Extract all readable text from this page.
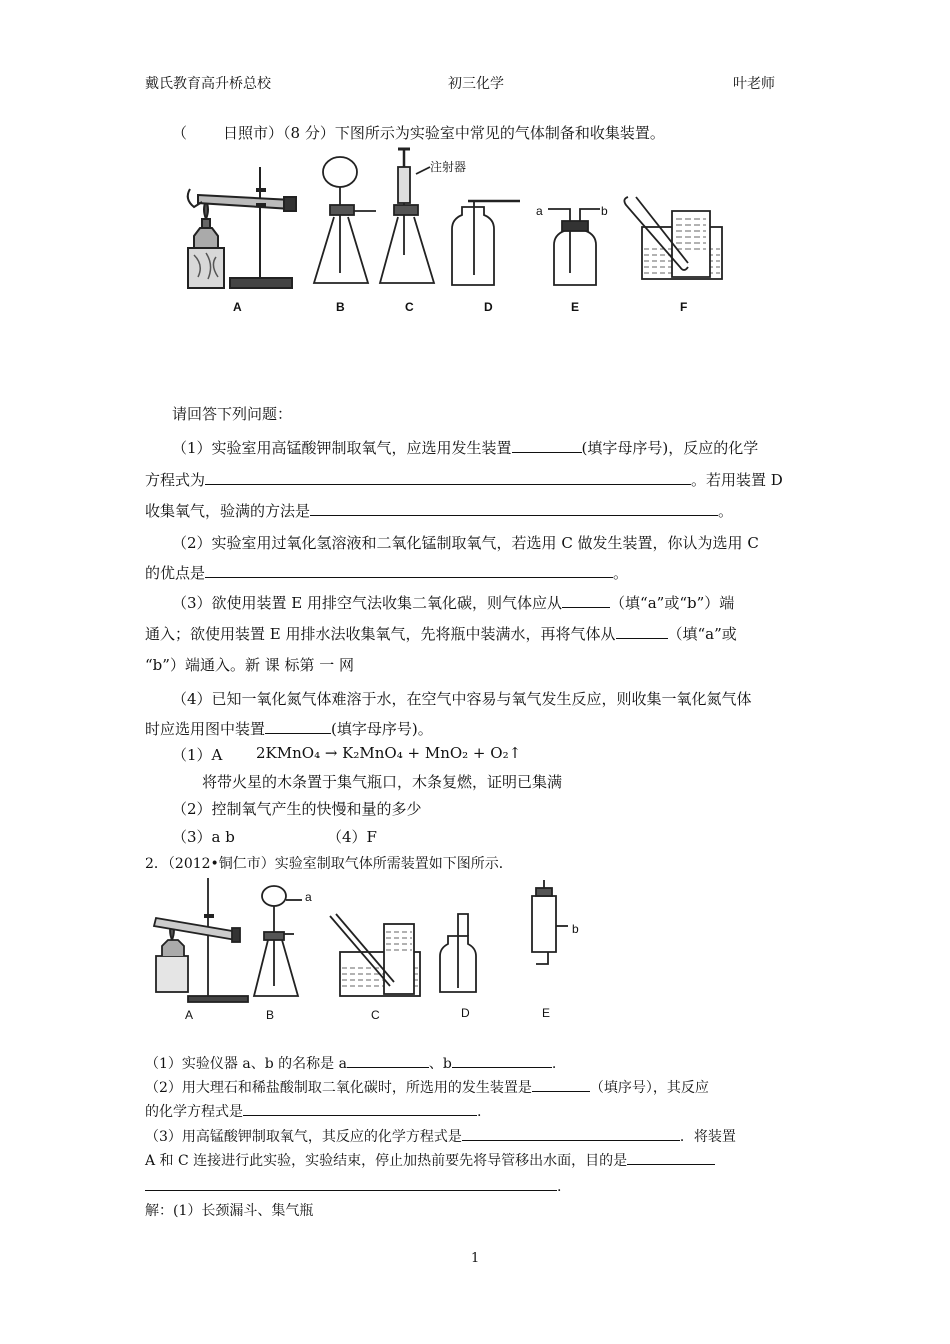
戴氏教育高升桥总校	初三化学	叶老师
（ 日照市）（8 分）下图所示为实验室中常见的气体制备和收集装置。
注射器
a	b
A	B	C	D	E	F
请回答下列问题：
（1）实验室用高锰酸钾制取氧气，应选用发生装置	(填字母序号)，反应的化学
方程式为	。若用装置 D
收集氧气，验满的方法是	。
（2）实验室用过氧化氢溶液和二氧化锰制取氧气，若选用 C 做发生装置，你认为选用 C
的优点是	。
（3）欲使用装置 E 用排空气法收集二氧化碳，则气体应从	（填“a”或“b”）端
通入；欲使用装置 E 用排水法收集氧气，先将瓶中装满水，再将气体从	（填“a”或
“b”）端通入。新 课 标第 一 网
（4）已知一氧化氮气体难溶于水，在空气中容易与氧气发生反应，则收集一氧化氮气体
时应选用图中装置	(填字母序号)。
（1）A 2KMnO₄ → K₂MnO₄ + MnO₂ + O₂↑
将带火星的木条置于集气瓶口，木条复燃，证明已集满
（2）控制氧气产生的快慢和量的多少
（3）a b	（4）F
2．（2012•铜仁市）实验室制取气体所需装置如下图所示．
a
b
A	B	C	D	E
（1）实验仪器 a、b 的名称是 a	、b	.
（2）用大理石和稀盐酸制取二氧化碳时，所选用的发生装置是	（填序号），其反应
的化学方程式是	.
（3）用高锰酸钾制取氧气，其反应的化学方程式是	．将装置
A 和 C 连接进行此实验，实验结束，停止加热前要先将导管移出水面，目的是
.
解：(1）长颈漏斗、集气瓶
1
